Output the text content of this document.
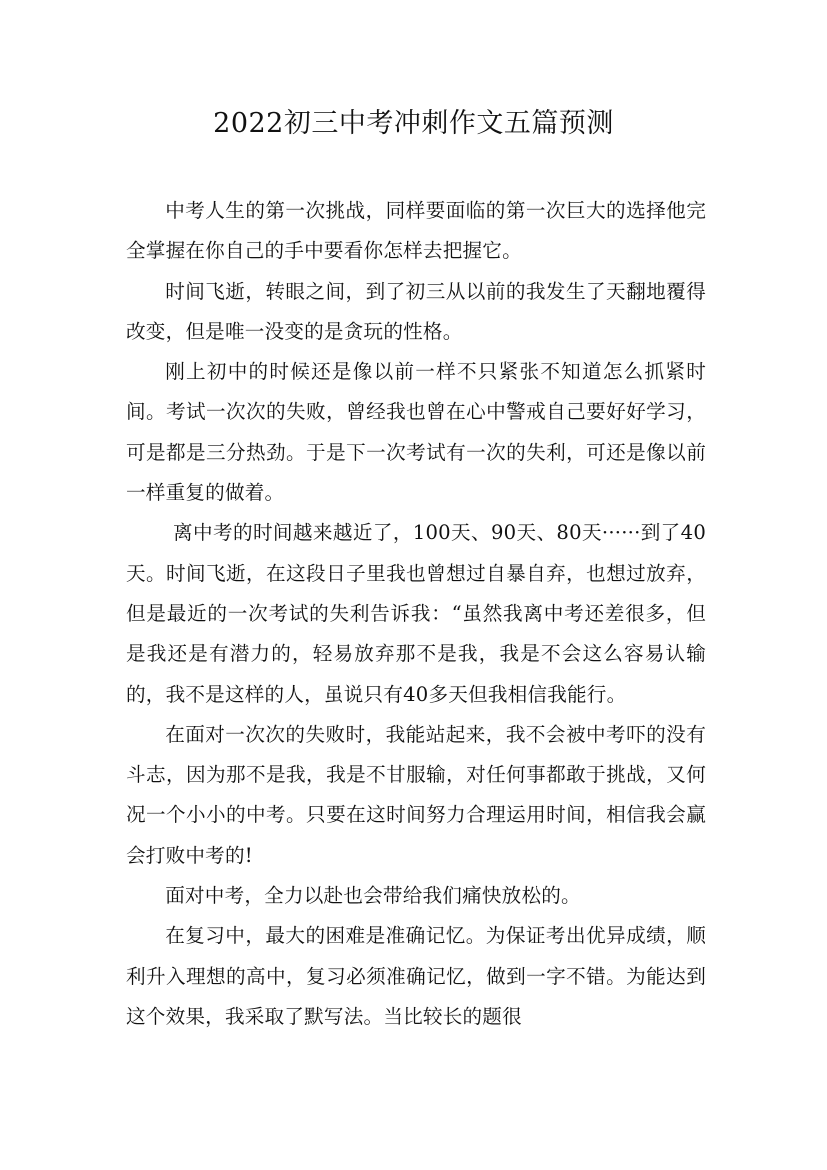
2022初三中考冲刺作文五篇预测

中考人生的第一次挑战，同样要面临的第一次巨大的选择他完全掌握在你自己的手中要看你怎样去把握它。

时间飞逝，转眼之间，到了初三从以前的我发生了天翻地覆得改变，但是唯一没变的是贪玩的性格。

刚上初中的时候还是像以前一样不只紧张不知道怎么抓紧时间。考试一次次的失败，曾经我也曾在心中警戒自己要好好学习，可是都是三分热劲。于是下一次考试有一次的失利，可还是像以前一样重复的做着。

离中考的时间越来越近了，100天、90天、80天······到了40天。时间飞逝，在这段日子里我也曾想过自暴自弃，也想过放弃，但是最近的一次考试的失利告诉我：“虽然我离中考还差很多，但是我还是有潜力的，轻易放弃那不是我，我是不会这么容易认输的，我不是这样的人，虽说只有40多天但我相信我能行。

在面对一次次的失败时，我能站起来，我不会被中考吓的没有斗志，因为那不是我，我是不甘服输，对任何事都敢于挑战，又何况一个小小的中考。只要在这时间努力合理运用时间，相信我会赢会打败中考的!

面对中考，全力以赴也会带给我们痛快放松的。

在复习中，最大的困难是准确记忆。为保证考出优异成绩，顺利升入理想的高中，复习必须准确记忆，做到一字不错。为能达到这个效果，我采取了默写法。当比较长的题很
